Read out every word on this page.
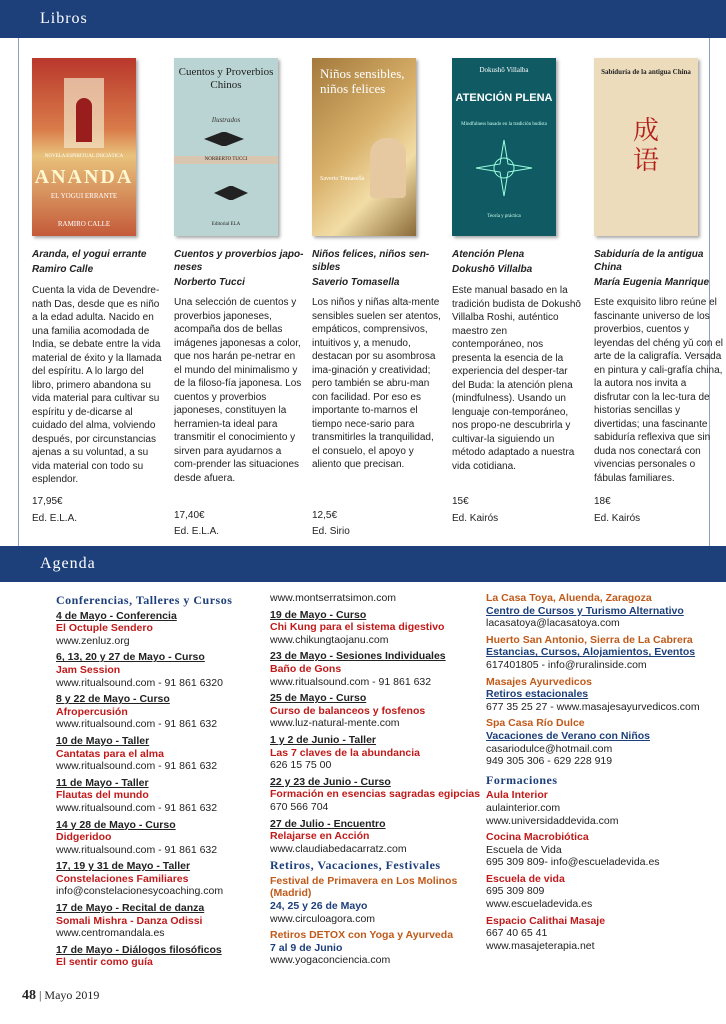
Libros
NOVELA ESPIRITUAL INICIÁTICA
ANANDA
EL YOGUI ERRANTE
RAMIRO CALLE
Aranda, el yogui errante
Ramiro Calle
Cuenta la vida de Devendre-nath Das, desde que es niño a la edad adulta. Nacido en una familia acomodada de India, se debate entre la vida material de éxito y la llamada del espíritu. A lo largo del libro, primero abandona su vida material para cultivar su espíritu y de-dicarse al cuidado del alma, volviendo después, por circunstancias ajenas a su voluntad, a su vida material con todo su esplendor.
17,95€
Ed. E.L.A.
Cuentos y Proverbios Chinos
Ilustrados
NORBERTO TUCCI
Editorial ELA
Cuentos y proverbios japo-neses
Norberto Tucci
Una selección de cuentos y proverbios japoneses, acompaña dos de bellas imágenes japonesas a color, que nos harán pe-netrar en el mundo del minimalismo y de la filoso-fía japonesa. Los cuentos y proverbios japoneses, constituyen la herramien-ta ideal para transmitir el conocimiento y sirven para ayudarnos a com-prender las situaciones desde afuera.
17,40€
Ed. E.L.A.
Niños sensibles, niños felices
Saverio Tomasella
Niños felices, niños sen-sibles
Saverio Tomasella
Los niños y niñas alta-mente sensibles suelen ser atentos, empáticos, comprensivos, intuitivos y, a menudo, destacan por su asombrosa ima-ginación y creatividad; pero también se abru-man con facilidad. Por eso es importante to-marnos el tiempo nece-sario para transmitirles la tranquilidad, el consuelo, el apoyo y aliento que precisan.
12,5€
Ed. Sirio
Dokushō Villalba
ATENCIÓN PLENA
Mindfulness basado en la tradición budista
Teoría y práctica
Atención Plena
Dokushō Villalba
Este manual basado en la tradición budista de Dokushō Villalba Roshi, auténtico maestro zen contemporáneo, nos presenta la esencia de la experiencia del desper-tar del Buda: la atención plena (mindfulness). Usando un lenguaje con-temporáneo, nos propo-ne descubrirla y cultivar-la siguiendo un método adaptado a nuestra vida cotidiana.
15€
Ed. Kairós
Sabiduría de la antigua China
成语
Sabiduría de la antigua China
María Eugenia Manrique
Este exquisito libro reúne el fascinante universo de los proverbios, cuentos y leyendas del chéng yǔ con el arte de la caligrafía. Versada en pintura y cali-grafía china, la autora nos invita a disfrutar con la lec-tura de historias sencillas y divertidas; una fascinante sabiduría reflexiva que sin duda nos conectará con vivencias personales o fábulas familiares.
18€
Ed. Kairós
Agenda
Conferencias, Talleres y Cursos
4 de Mayo - Conferencia
El Octuple Sendero
www.zenluz.org
6, 13, 20 y 27 de Mayo - Curso
Jam Session
www.ritualsound.com - 91 861 6320
8 y 22 de Mayo - Curso
Afropercusión
www.ritualsound.com - 91 861 632
10 de Mayo - Taller
Cantatas para el alma
www.ritualsound.com - 91 861 632
11 de Mayo - Taller
Flautas del mundo
www.ritualsound.com - 91 861 632
14 y 28 de Mayo - Curso
Didgeridoo
www.ritualsound.com - 91 861 632
17, 19 y 31 de Mayo - Taller
Constelaciones Familiares
info@constelacionesycoaching.com
17 de Mayo - Recital de danza
Somali Mishra - Danza Odissi
www.centromandala.es
17 de Mayo - Diálogos filosóficos
El sentir como guía
www.montserratsimon.com
19 de Mayo - Curso
Chi Kung para el sistema digestivo
www.chikungtaojanu.com
23 de Mayo - Sesiones Individuales
Baño de Gons
www.ritualsound.com - 91 861 632
25 de Mayo - Curso
Curso de balanceos y fosfenos
www.luz-natural-mente.com
1 y 2 de Junio - Taller
Las 7 claves de la abundancia
626 15 75 00
22 y 23 de Junio - Curso
Formación en esencias sagradas egipcias
670 566 704
27 de Julio - Encuentro
Relajarse en Acción
www.claudiabedacarratz.com
Retiros, Vacaciones, Festivales
Festival de Primavera en Los Molinos (Madrid)
24, 25 y 26 de Mayo
www.circuloagora.com
Retiros DETOX con Yoga y Ayurveda
7 al 9 de Junio
www.yogaconciencia.com
La Casa Toya, Aluenda, Zaragoza
Centro de Cursos y Turismo Alternativo
lacasatoya@lacasatoya.com
Huerto San Antonio, Sierra de La Cabrera
Estancias, Cursos, Alojamientos, Eventos
617401805 - info@ruralinside.com
Masajes Ayurvedicos
Retiros estacionales
677 35 25 27 - www.masajesayurvedicos.com
Spa Casa Río Dulce
Vacaciones de Verano con Niños
casariodulce@hotmail.com
949 305 306 - 629 228 919
Formaciones
Aula Interior
aulainterior.com
www.universidaddevida.com
Cocina Macrobiótica
Escuela de Vida
695 309 809- info@escueladevida.es
Escuela de vida
695 309 809
www.escueladevida.es
Espacio Calithai Masaje
667 40 65 41
www.masajeterapia.net
48 | Mayo 2019
